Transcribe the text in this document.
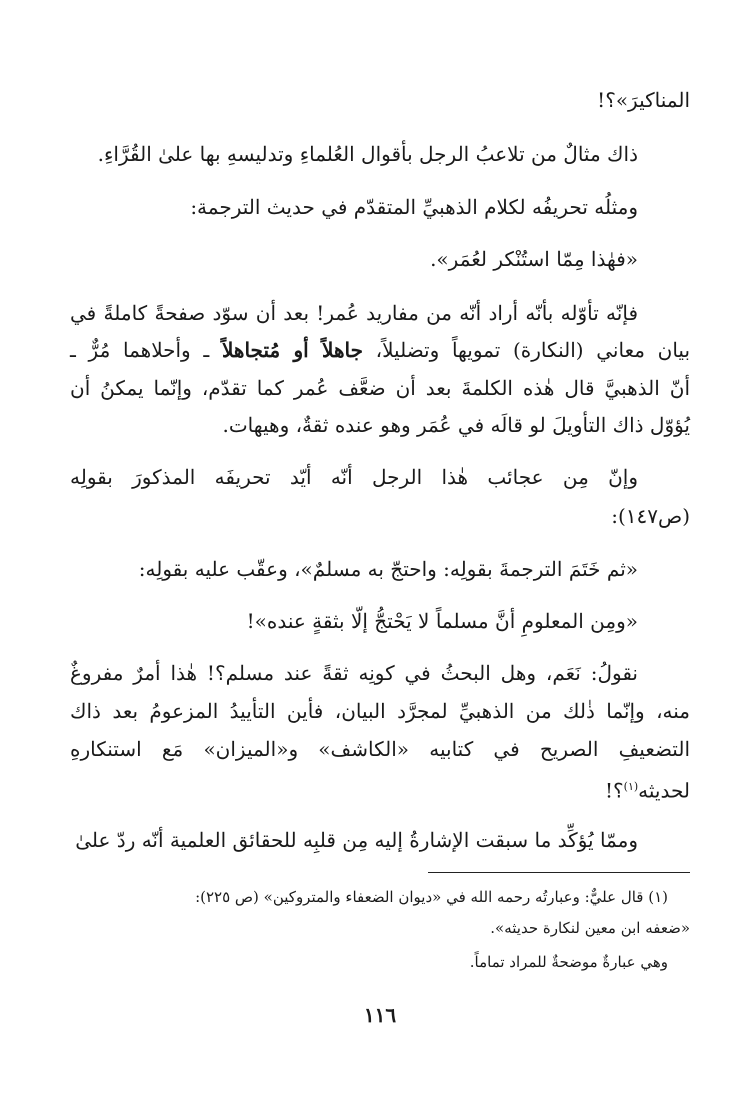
المناكيرَ»؟!
ذاك مثالٌ من تلاعبُ الرجل بأقوال العُلماءِ وتدليسهِ بها علىٰ القُرَّاءِ.
ومثلُه تحريفُه لكلام الذهبيِّ المتقدّم في حديث الترجمة:
«فهٰذا مِمّا استُنْكر لعُمَر».
فإنّه تأوّله بأنّه أراد أنّه من مفاريد عُمر! بعد أن سوّد صفحةً كاملةً في
بيان معاني (النكارة) تمويهاً وتضليلاً، جاهلاً أو مُتجاهلاً ـ وأحلاهما مُرٌّ ـ
أنّ الذهبيَّ قال هٰذه الكلمةَ بعد أن ضعَّف عُمر كما تقدّم، وإنّما يمكنُ أن
يُؤوّل ذاك التأويلَ لو قالَه في عُمَر وهو عنده ثقةٌ، وهيهات.
وإنّ مِن عجائب هٰذا الرجل أنّه أيّد تحريفَه المذكورَ بقولِه
(ص١٤٧):
«ثم خَتَمَ الترجمةَ بقولِه: واحتجّ به مسلمٌ»، وعقّب عليه بقولِه:
«ومِن المعلومِ أنَّ مسلماً لا يَحْتجُّ إلّا بثقةٍ عنده»!
نقولُ: نَعَم، وهل البحثُ في كونِه ثقةً عند مسلم؟! هٰذا أمرٌ مفروغٌ
منه، وإنّما ذٰلك من الذهبيِّ لمجرَّد البيان، فأين التأييدُ المزعومُ بعد ذاك
التضعيفِ الصريح في كتابيه «الكاشف» و«الميزان» مَع استنكارهِ
لحديثه$^{(١)}$؟!
وممّا يُؤكِّد ما سبقت الإشارةُ إليه مِن قلبِه للحقائق العلمية أنّه ردّ علىٰ
(١) قال عليٌّ: وعبارتُه رحمه الله في «ديوان الضعفاء والمتروكين» (ص ٢٢٥):
«ضعفه ابن معين لنكارة حديثه».
وهي عبارةٌ موضحةٌ للمراد تماماً.
١١٦
